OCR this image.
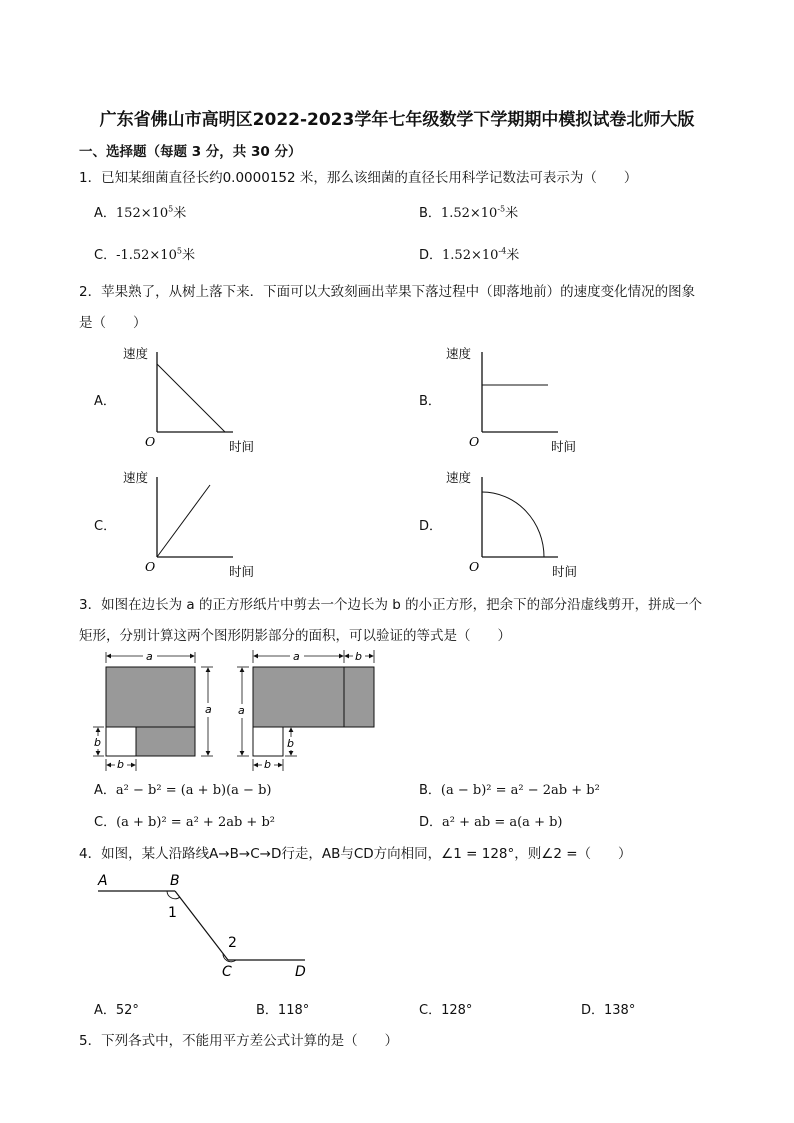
广东省佛山市高明区2022-2023学年七年级数学下学期期中模拟试卷北师大版
一、选择题（每题 3 分，共 30 分）
1．已知某细菌直径长约0.0000152 米，那么该细菌的直径长用科学记数法可表示为（　　）
A．$152\times 10^5$米	B．$1.52\times 10^{-5}$米
C．$-1.52\times 10^5$米	D．$1.52\times 10^{-4}$米
2．苹果熟了，从树上落下来．下面可以大致刻画出苹果下落过程中（即落地前）的速度变化情况的图象
是（　　）
A．	B．
C．	D．
速度
O	时间
速度
O	时间
速度
O	时间
速度
O	时间
3．如图在边长为 a 的正方形纸片中剪去一个边长为 b 的小正方形，把余下的部分沿虚线剪开，拼成一个
矩形，分别计算这两个图形阴影部分的面积，可以验证的等式是（　　）
a
a
b
b
a	b
a
b
b
A．a² − b² = (a + b)(a − b)	B．(a − b)² = a² − 2ab + b²
C．(a + b)² = a² + 2ab + b²	D．a² + ab = a(a + b)
4．如图，某人沿路线A→B→C→D行走，AB与CD方向相同，∠1 = 128°，则∠2 =（　　）
A	B
C	D
1
2
A．52°	B．118°	C．128°	D．138°
5．下列各式中，不能用平方差公式计算的是（　　）
